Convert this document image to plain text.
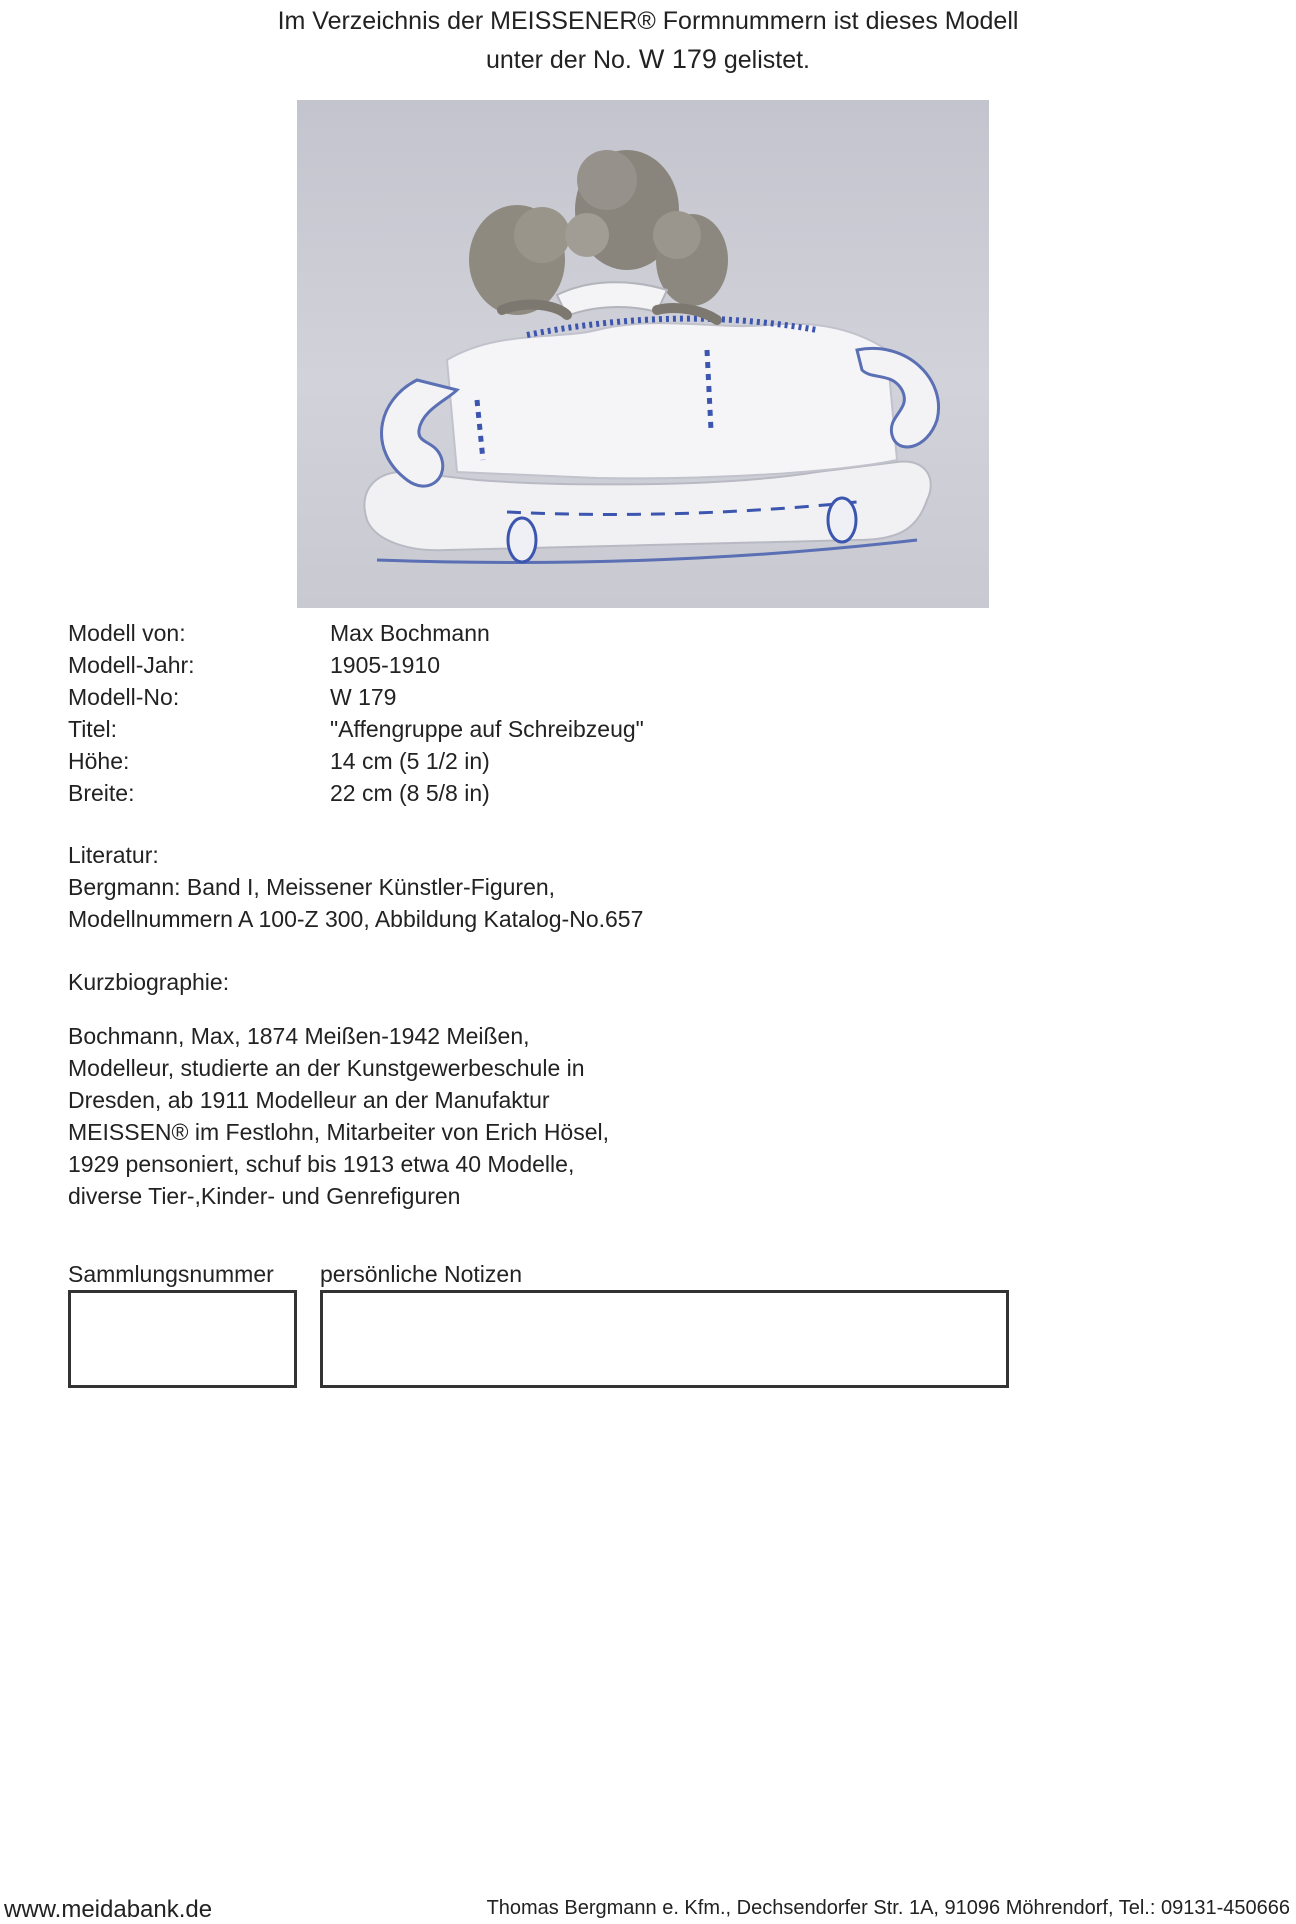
Im Verzeichnis der MEISSENER® Formnummern ist dieses Modell
unter der No. W 179 gelistet.
Modell von:	Max Bochmann
Modell-Jahr:	1905-1910
Modell-No:	W 179
Titel:	"Affengruppe auf Schreibzeug"
Höhe:	14 cm (5 1/2 in)
Breite:	22 cm (8 5/8 in)
Literatur:
Bergmann: Band I, Meissener Künstler-Figuren,
Modellnummern A 100-Z 300, Abbildung Katalog-No.657
Kurzbiographie:
Bochmann, Max, 1874 Meißen-1942 Meißen,
Modelleur, studierte an der Kunstgewerbeschule in
Dresden, ab 1911 Modelleur an der Manufaktur
MEISSEN® im Festlohn, Mitarbeiter von Erich Hösel,
1929 pensoniert, schuf bis 1913 etwa 40 Modelle,
diverse Tier-,Kinder- und Genrefiguren
Sammlungsnummer persönliche Notizen
www.meidabank.de	Thomas Bergmann e. Kfm., Dechsendorfer Str. 1A, 91096 Möhrendorf, Tel.: 09131-450666
